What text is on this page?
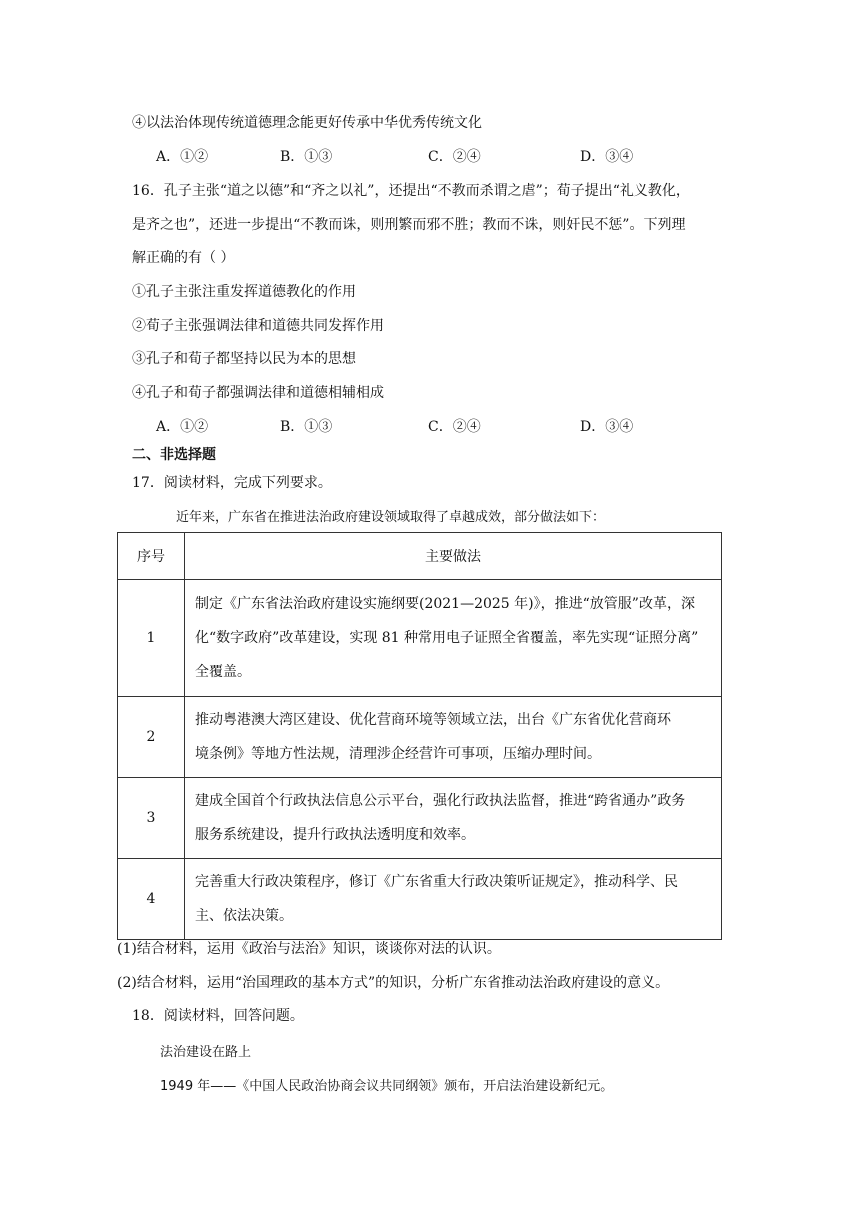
④以法治体现传统道德理念能更好传承中华优秀传统文化
A．①②	B．①③	C．②④	D．③④
16．孔子主张“道之以德”和“齐之以礼”，还提出“不教而杀谓之虐”；荀子提出“礼义教化，
是齐之也”，还进一步提出“不教而诛，则刑繁而邪不胜；教而不诛，则奸民不惩”。下列理
解正确的有（ ）
①孔子主张注重发挥道德教化的作用
②荀子主张强调法律和道德共同发挥作用
③孔子和荀子都坚持以民为本的思想
④孔子和荀子都强调法律和道德相辅相成
A．①②	B．①③	C．②④	D．③④
二、非选择题
17．阅读材料，完成下列要求。
近年来，广东省在推进法治政府建设领域取得了卓越成效，部分做法如下：
序号	主要做法
1	制定《广东省法治政府建设实施纲要(2021—2025 年)》，推进“放管服”改革，深
化“数字政府”改革建设，实现 81 种常用电子证照全省覆盖，率先实现“证照分离”
全覆盖。

2	推动粤港澳大湾区建设、优化营商环境等领域立法，出台《广东省优化营商环
境条例》等地方性法规，清理涉企经营许可事项，压缩办理时间。

3	建成全国首个行政执法信息公示平台，强化行政执法监督，推进“跨省通办”政务
服务系统建设，提升行政执法透明度和效率。

4	完善重大行政决策程序，修订《广东省重大行政决策听证规定》，推动科学、民
主、依法决策。
(1)结合材料，运用《政治与法治》知识，谈谈你对法的认识。
(2)结合材料，运用“治国理政的基本方式”的知识，分析广东省推动法治政府建设的意义。
18．阅读材料，回答问题。
法治建设在路上
1949 年——《中国人民政治协商会议共同纲领》颁布，开启法治建设新纪元。
